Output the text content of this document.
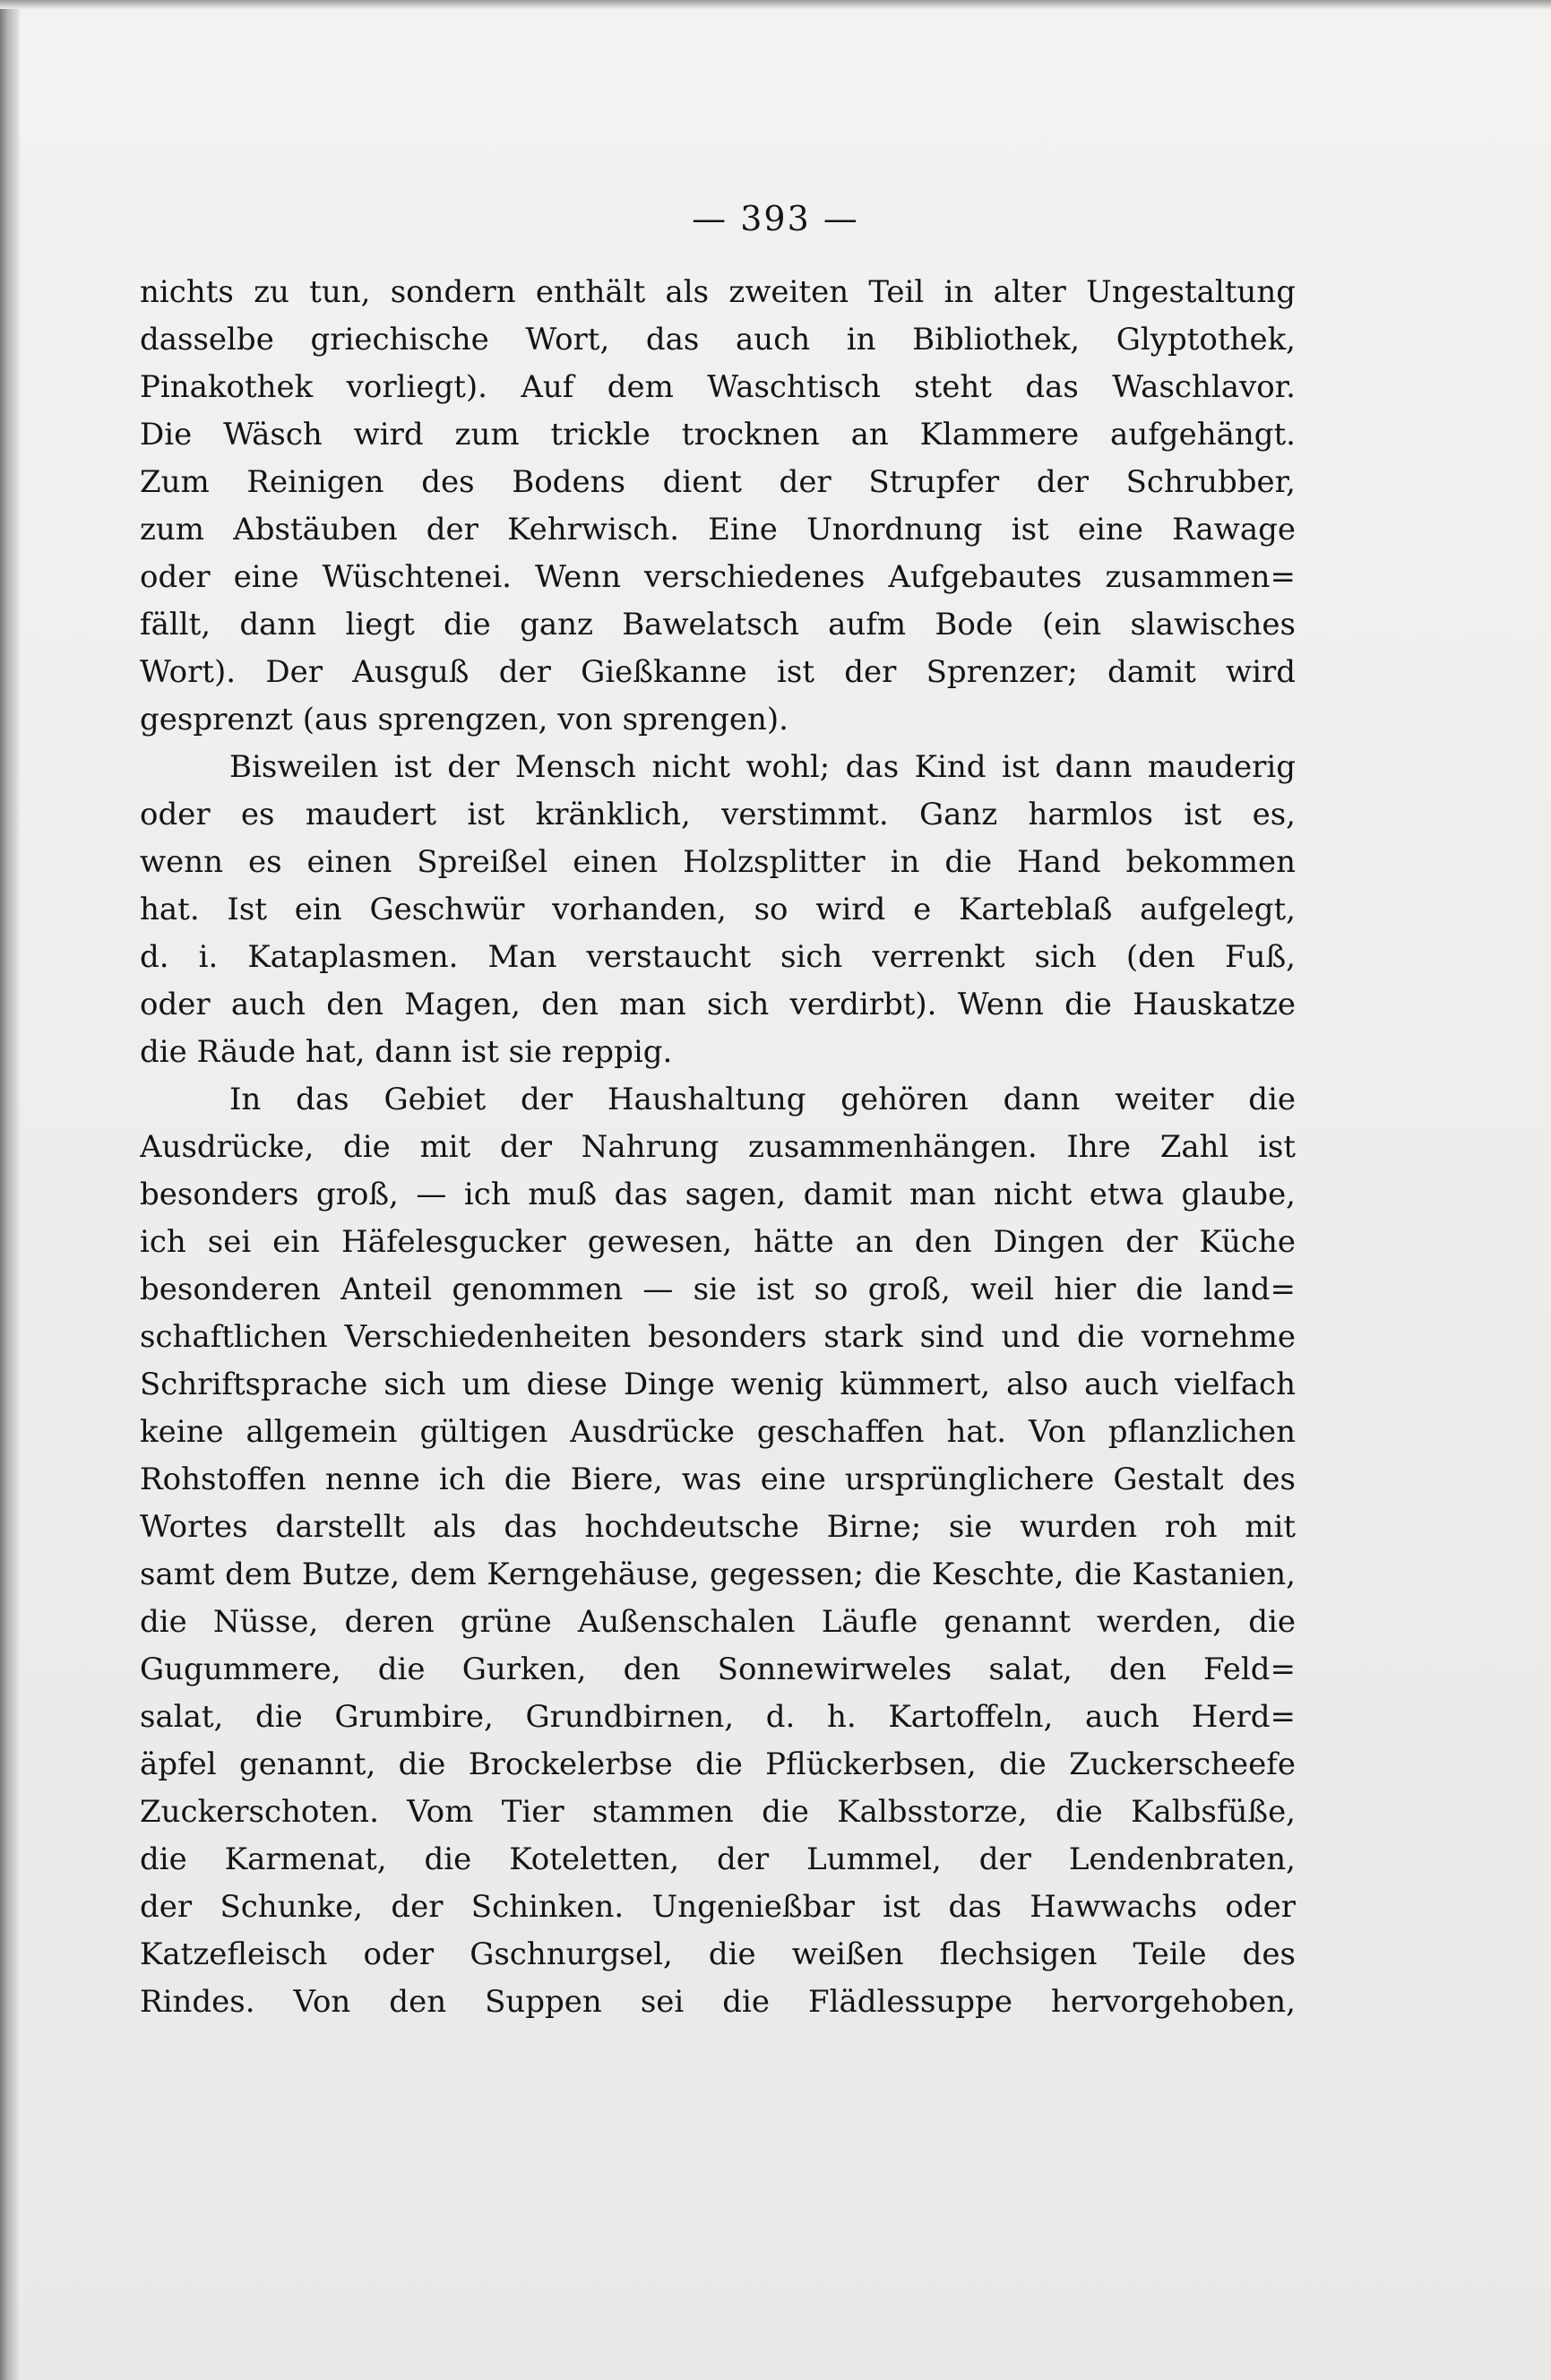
— 393 —
nichts zu tun, sondern enthält als zweiten Teil in alter Ungestaltung
dasselbe griechische Wort, das auch in Bibliothek, Glyptothek,
Pinakothek vorliegt). Auf dem Waschtisch steht das Waschlavor.
Die Wäsch wird zum trickle trocknen an Klammere aufgehängt.
Zum Reinigen des Bodens dient der Strupfer der Schrubber,
zum Abstäuben der Kehrwisch. Eine Unordnung ist eine Rawage
oder eine Wüschtenei. Wenn verschiedenes Aufgebautes zusammen=
fällt, dann liegt die ganz Bawelatsch aufm Bode (ein slawisches
Wort). Der Ausguß der Gießkanne ist der Sprenzer; damit wird
gesprenzt (aus sprengzen, von sprengen).
Bisweilen ist der Mensch nicht wohl; das Kind ist dann mauderig
oder es maudert ist kränklich, verstimmt. Ganz harmlos ist es,
wenn es einen Spreißel einen Holzsplitter in die Hand bekommen
hat. Ist ein Geschwür vorhanden, so wird e Karteblaß aufgelegt,
d. i. Kataplasmen. Man verstaucht sich verrenkt sich (den Fuß,
oder auch den Magen, den man sich verdirbt). Wenn die Hauskatze
die Räude hat, dann ist sie reppig.
In das Gebiet der Haushaltung gehören dann weiter die
Ausdrücke, die mit der Nahrung zusammenhängen. Ihre Zahl ist
besonders groß, — ich muß das sagen, damit man nicht etwa glaube,
ich sei ein Häfelesgucker gewesen, hätte an den Dingen der Küche
besonderen Anteil genommen — sie ist so groß, weil hier die land=
schaftlichen Verschiedenheiten besonders stark sind und die vornehme
Schriftsprache sich um diese Dinge wenig kümmert, also auch vielfach
keine allgemein gültigen Ausdrücke geschaffen hat. Von pflanzlichen
Rohstoffen nenne ich die Biere, was eine ursprünglichere Gestalt des
Wortes darstellt als das hochdeutsche Birne; sie wurden roh mit
samt dem Butze, dem Kerngehäuse, gegessen; die Keschte, die Kastanien,
die Nüsse, deren grüne Außenschalen Läufle genannt werden, die
Gugummere, die Gurken, den Sonnewirweles salat, den Feld=
salat, die Grumbire, Grundbirnen, d. h. Kartoffeln, auch Herd=
äpfel genannt, die Brockelerbse die Pflückerbsen, die Zuckerscheefe
Zuckerschoten. Vom Tier stammen die Kalbsstorze, die Kalbsfüße,
die Karmenat, die Koteletten, der Lummel, der Lendenbraten,
der Schunke, der Schinken. Ungenießbar ist das Hawwachs oder
Katzefleisch oder Gschnurgsel, die weißen flechsigen Teile des
Rindes. Von den Suppen sei die Flädlessuppe hervorgehoben,
